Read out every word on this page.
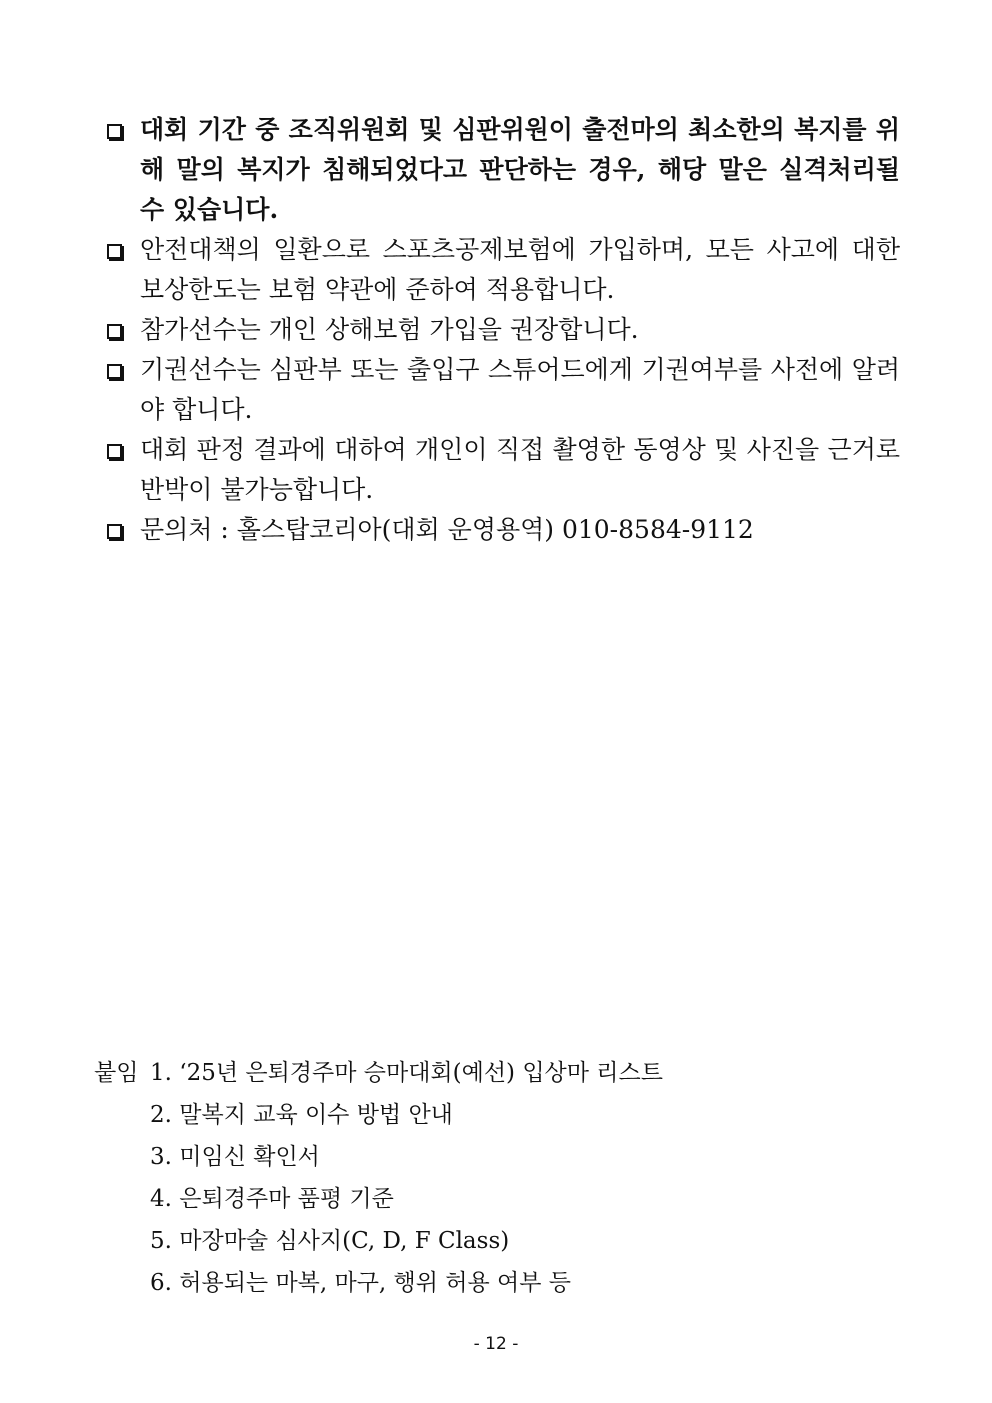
대회 기간 중 조직위원회 및 심판위원이 출전마의 최소한의 복지를 위해 말의 복지가 침해되었다고 판단하는 경우, 해당 말은 실격처리될 수 있습니다.
안전대책의 일환으로 스포츠공제보험에 가입하며, 모든 사고에 대한 보상한도는 보험 약관에 준하여 적용합니다.
참가선수는 개인 상해보험 가입을 권장합니다.
기권선수는 심판부 또는 출입구 스튜어드에게 기권여부를 사전에 알려야 합니다.
대회 판정 결과에 대하여 개인이 직접 촬영한 동영상 및 사진을 근거로 반박이 불가능합니다.
문의처 : 홀스탑코리아(대회 운영용역) 010-8584-9112
붙임 1. ‘25년 은퇴경주마 승마대회(예선) 입상마 리스트
2. 말복지 교육 이수 방법 안내
3. 미임신 확인서
4. 은퇴경주마 품평 기준
5. 마장마술 심사지(C, D, F Class)
6. 허용되는 마복, 마구, 행위 허용 여부 등
- 12 -
